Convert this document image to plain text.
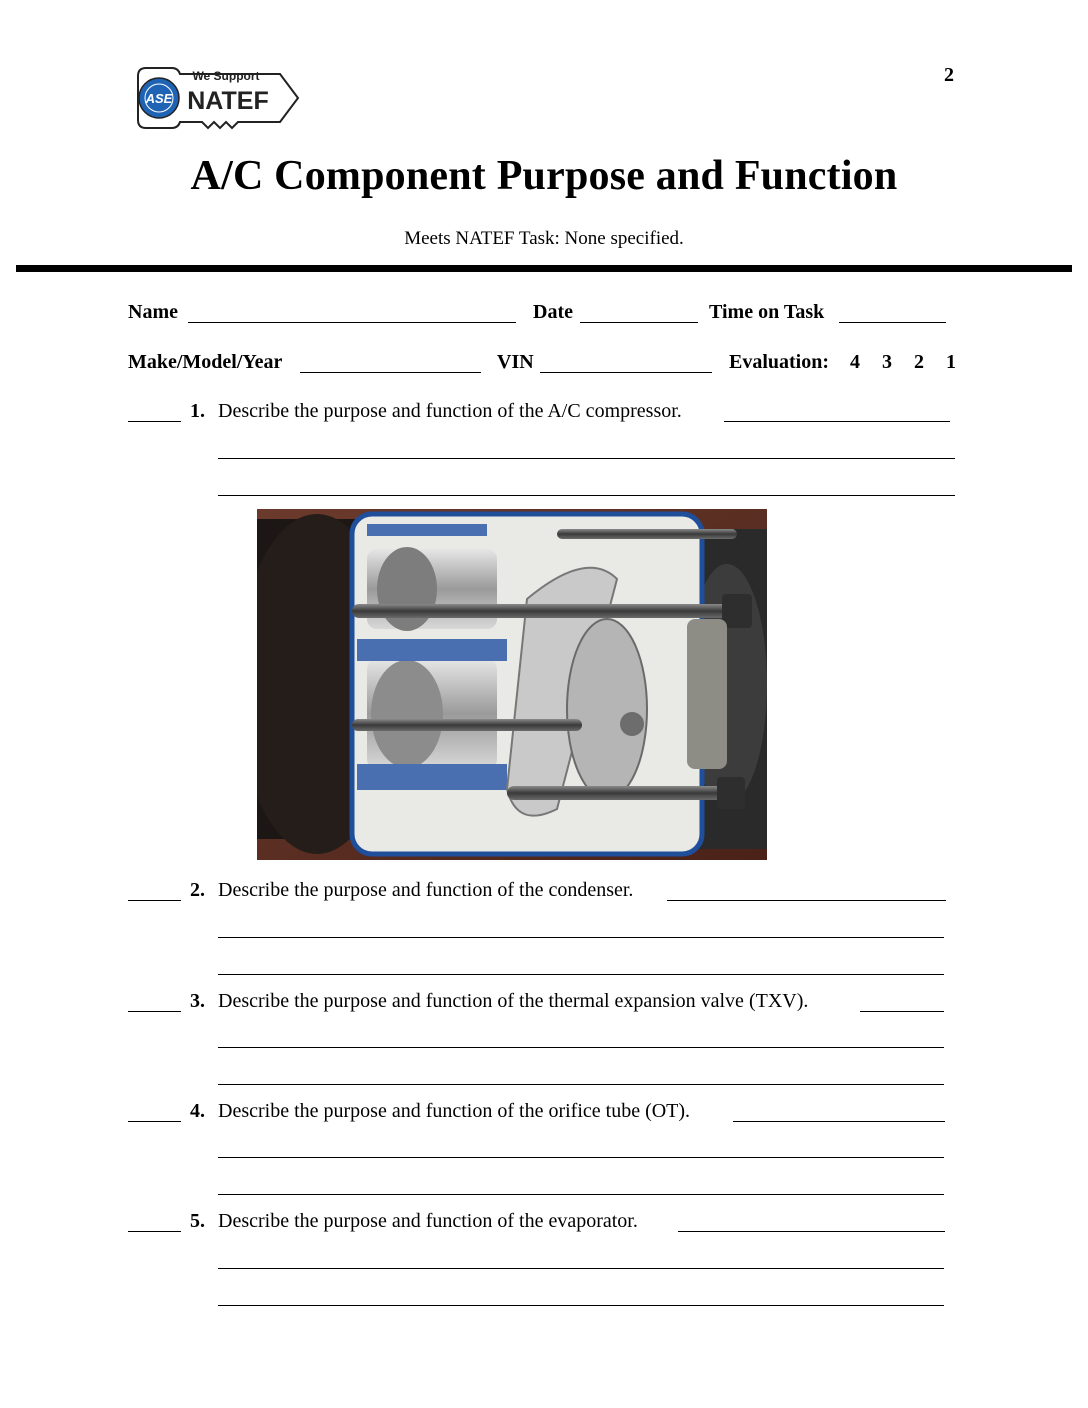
2
ASE
We Support
NATEF
A/C Component Purpose and Function
Meets NATEF Task: None specified.
Name	Date	Time on Task
Make/Model/Year	VIN	Evaluation: 4 3 2 1
1. Describe the purpose and function of the A/C compressor.
2. Describe the purpose and function of the condenser.
3. Describe the purpose and function of the thermal expansion valve (TXV).
4. Describe the purpose and function of the orifice tube (OT).
5. Describe the purpose and function of the evaporator.
